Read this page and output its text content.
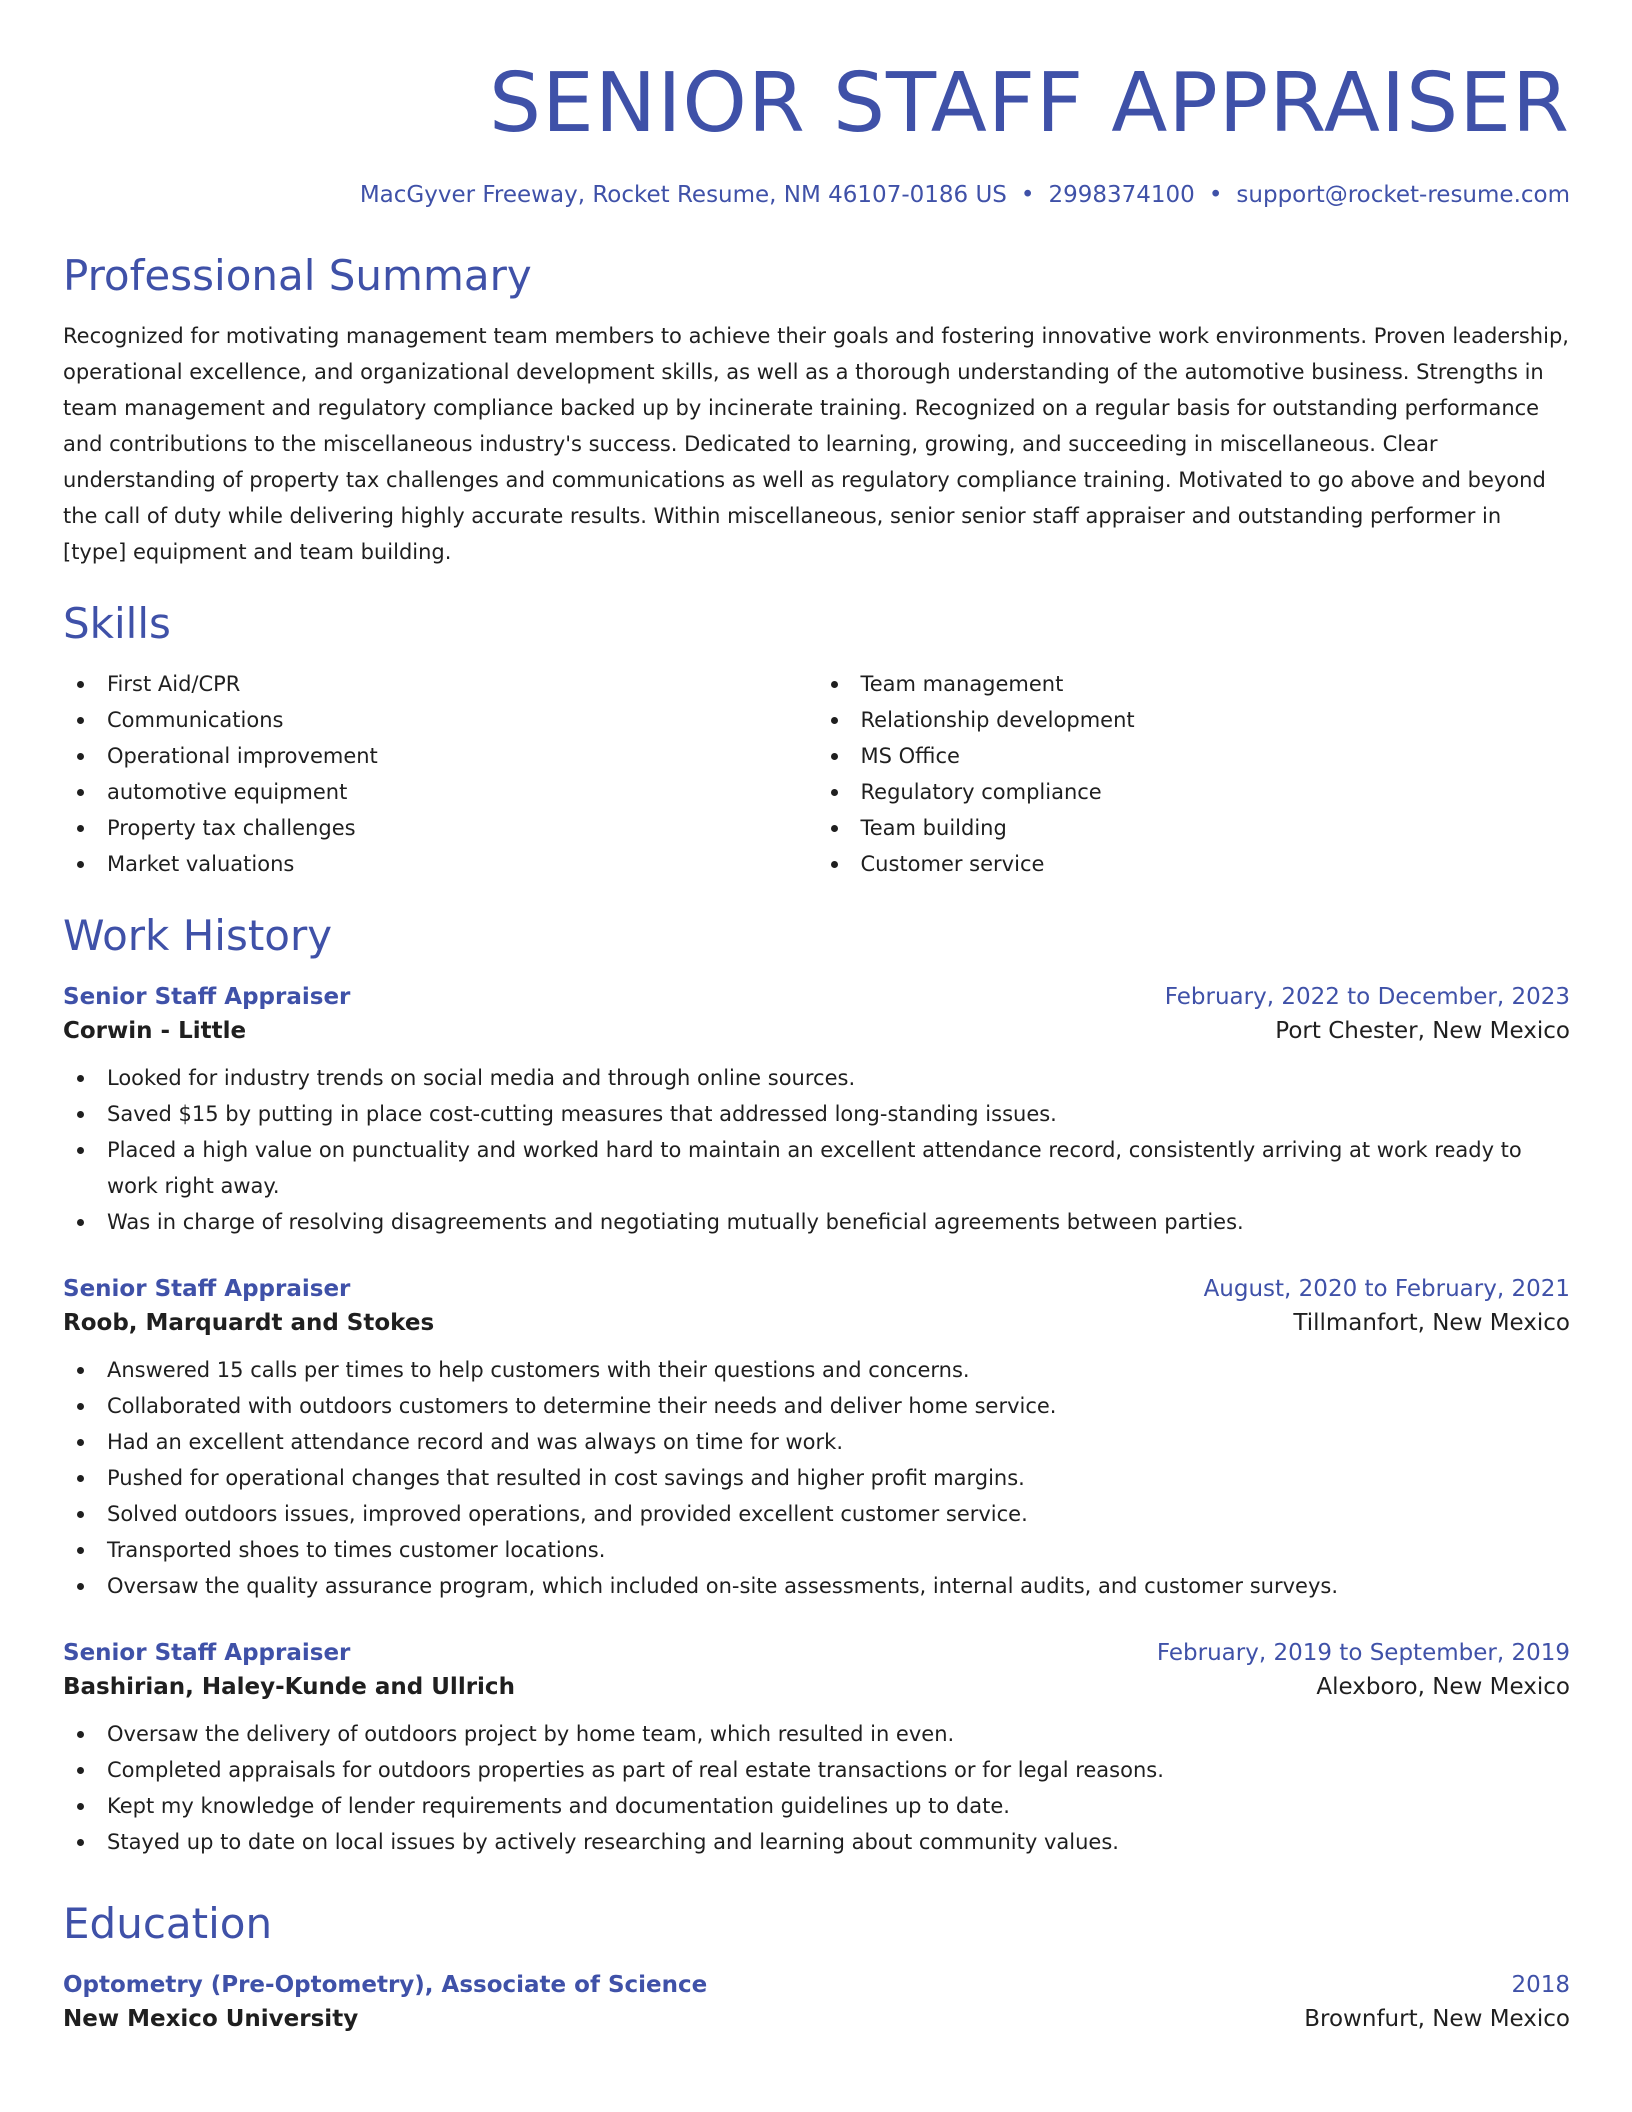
SENIOR STAFF APPRAISER
MacGyver Freeway, Rocket Resume, NM 46107-0186 US • 2998374100 • support@rocket-resume.com
Professional Summary

Recognized for motivating management team members to achieve their goals and fostering innovative work environments. Proven leadership, operational excellence, and organizational development skills, as well as a thorough understanding of the automotive business. Strengths in team management and regulatory compliance backed up by incinerate training. Recognized on a regular basis for outstanding performance and contributions to the miscellaneous industry's success. Dedicated to learning, growing, and succeeding in miscellaneous. Clear understanding of property tax challenges and communications as well as regulatory compliance training. Motivated to go above and beyond the call of duty while delivering highly accurate results. Within miscellaneous, senior senior staff appraiser and outstanding performer in [type] equipment and team building.

Skills
First Aid/CPR
Communications
Operational improvement
automotive equipment
Property tax challenges
Market valuations
Team management
Relationship development
MS Office
Regulatory compliance
Team building
Customer service
Work History
Senior Staff Appraiser	February, 2022 to December, 2023
Corwin - Little	Port Chester, New Mexico
Looked for industry trends on social media and through online sources.
Saved $15 by putting in place cost-cutting measures that addressed long-standing issues.
Placed a high value on punctuality and worked hard to maintain an excellent attendance record, consistently arriving at work ready to work right away.
Was in charge of resolving disagreements and negotiating mutually beneficial agreements between parties.
Senior Staff Appraiser	August, 2020 to February, 2021
Roob, Marquardt and Stokes	Tillmanfort, New Mexico
Answered 15 calls per times to help customers with their questions and concerns.
Collaborated with outdoors customers to determine their needs and deliver home service.
Had an excellent attendance record and was always on time for work.
Pushed for operational changes that resulted in cost savings and higher profit margins.
Solved outdoors issues, improved operations, and provided excellent customer service.
Transported shoes to times customer locations.
Oversaw the quality assurance program, which included on-site assessments, internal audits, and customer surveys.
Senior Staff Appraiser	February, 2019 to September, 2019
Bashirian, Haley-Kunde and Ullrich	Alexboro, New Mexico
Oversaw the delivery of outdoors project by home team, which resulted in even.
Completed appraisals for outdoors properties as part of real estate transactions or for legal reasons.
Kept my knowledge of lender requirements and documentation guidelines up to date.
Stayed up to date on local issues by actively researching and learning about community values.
Education
Optometry (Pre-Optometry), Associate of Science	2018
New Mexico University	Brownfurt, New Mexico
